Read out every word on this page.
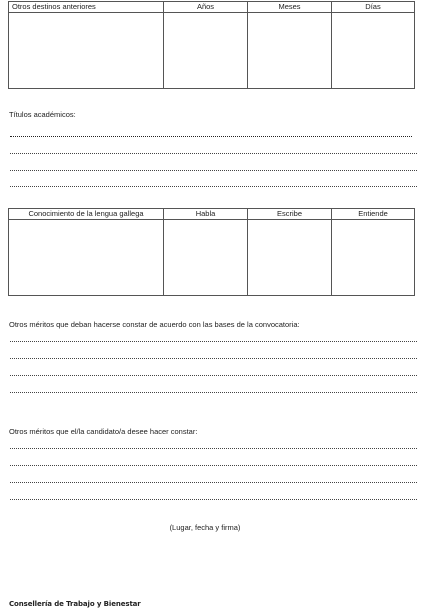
Otros destinos anteriores	Años	Meses	Días

Títulos académicos:

Conocimiento de la lengua gallega	Habla	Escribe	Entiende

Otros méritos que deban hacerse constar de acuerdo con las bases de la convocatoria:

Otros méritos que el/la candidato/a desee hacer constar:

(Lugar, fecha y firma)

Consellería de Trabajo y Bienestar
